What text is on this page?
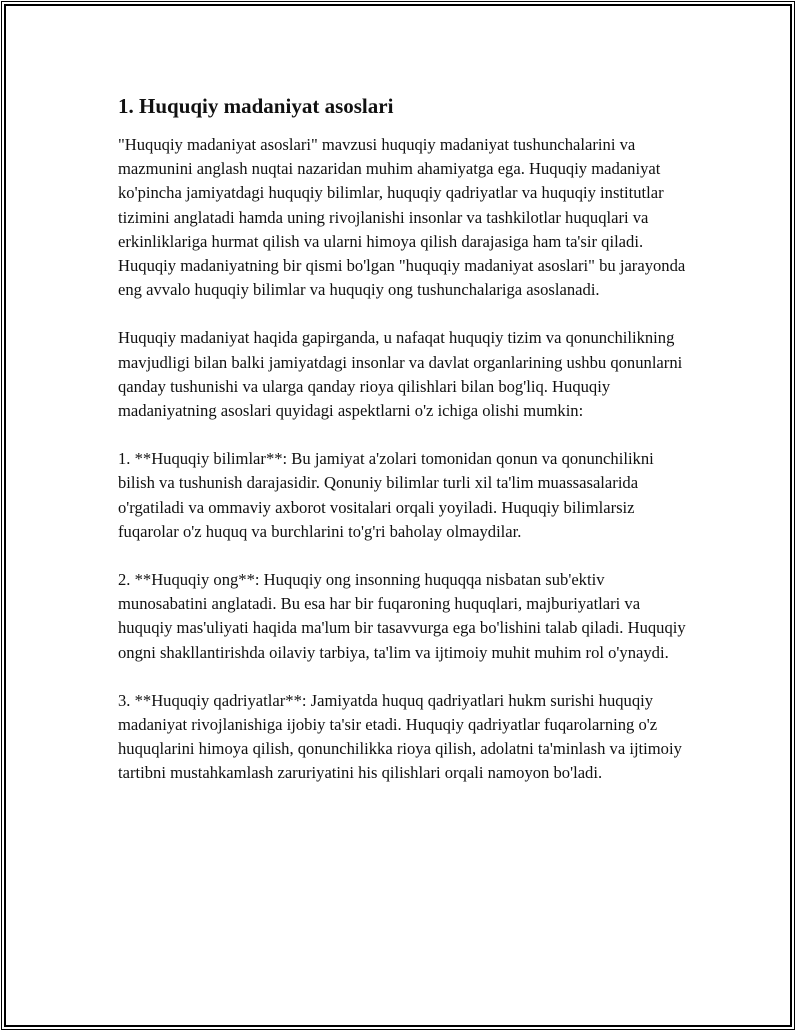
1. Huquqiy madaniyat asoslari

"Huquqiy madaniyat asoslari" mavzusi huquqiy madaniyat tushunchalarini va mazmunini anglash nuqtai nazaridan muhim ahamiyatga ega. Huquqiy madaniyat ko'pincha jamiyatdagi huquqiy bilimlar, huquqiy qadriyatlar va huquqiy institutlar tizimini anglatadi hamda uning rivojlanishi insonlar va tashkilotlar huquqlari va erkinliklariga hurmat qilish va ularni himoya qilish darajasiga ham ta'sir qiladi. Huquqiy madaniyatning bir qismi bo'lgan "huquqiy madaniyat asoslari" bu jarayonda eng avvalo huquqiy bilimlar va huquqiy ong tushunchalariga asoslanadi.

Huquqiy madaniyat haqida gapirganda, u nafaqat huquqiy tizim va qonunchilikning mavjudligi bilan balki jamiyatdagi insonlar va davlat organlarining ushbu qonunlarni qanday tushunishi va ularga qanday rioya qilishlari bilan bog'liq. Huquqiy madaniyatning asoslari quyidagi aspektlarni o'z ichiga olishi mumkin:

1. **Huquqiy bilimlar**: Bu jamiyat a'zolari tomonidan qonun va qonunchilikni bilish va tushunish darajasidir. Qonuniy bilimlar turli xil ta'lim muassasalarida o'rgatiladi va ommaviy axborot vositalari orqali yoyiladi. Huquqiy bilimlarsiz fuqarolar o'z huquq va burchlarini to'g'ri baholay olmaydilar.

2. **Huquqiy ong**: Huquqiy ong insonning huquqqa nisbatan sub'ektiv munosabatini anglatadi. Bu esa har bir fuqaroning huquqlari, majburiyatlari va huquqiy mas'uliyati haqida ma'lum bir tasavvurga ega bo'lishini talab qiladi. Huquqiy ongni shakllantirishda oilaviy tarbiya, ta'lim va ijtimoiy muhit muhim rol o'ynaydi.

3. **Huquqiy qadriyatlar**: Jamiyatda huquq qadriyatlari hukm surishi huquqiy madaniyat rivojlanishiga ijobiy ta'sir etadi. Huquqiy qadriyatlar fuqarolarning o'z huquqlarini himoya qilish, qonunchilikka rioya qilish, adolatni ta'minlash va ijtimoiy tartibni mustahkamlash zaruriyatini his qilishlari orqali namoyon bo'ladi.
